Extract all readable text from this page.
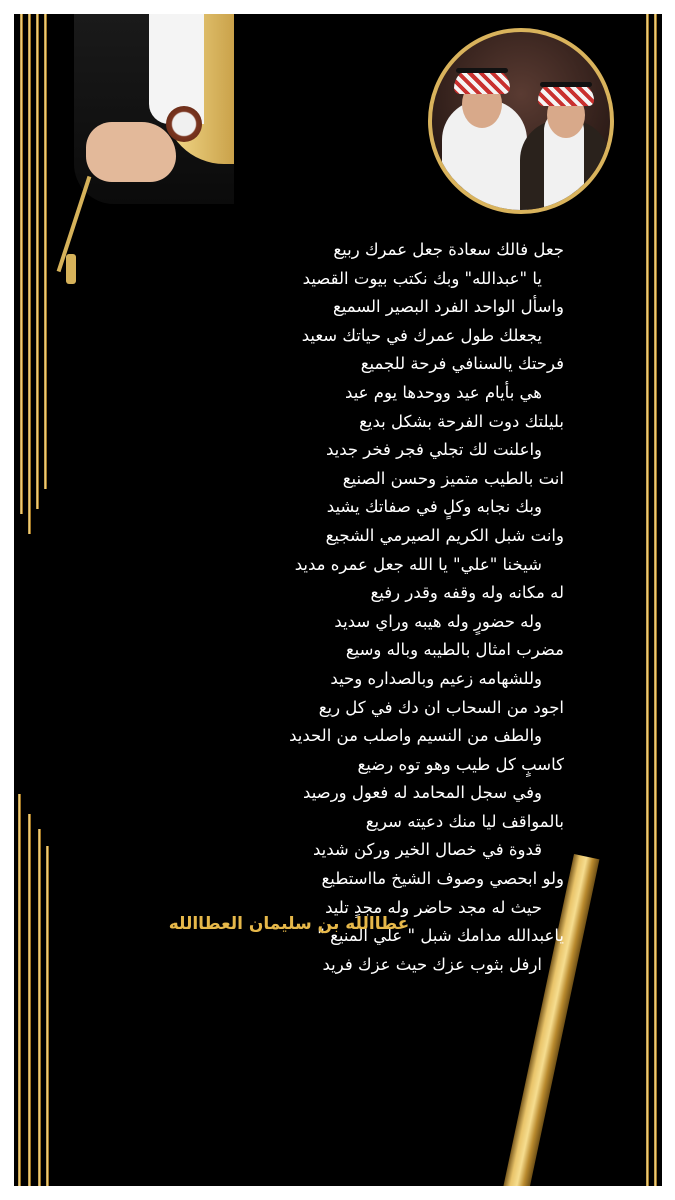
جعل فالك سعادة جعل عمرك ربيع
يا "عبدالله" وبك نكتب بيوت القصيد
واسأل الواحد الفرد البصير السميع
يجعلك طول عمرك في حياتك سعيد
فرحتك يالسنافي فرحة للجميع
هي بأيام عيد ووحدها يوم عيد
بليلتك دوت الفرحة بشكل بديع
واعلنت لك تجلي فجر فخر جديد
انت بالطيب متميز وحسن الصنيع
وبك نجابه وكلٍ في صفاتك يشيد
وانت شبل الكريم الصيرمي الشجيع
شيخنا "علي" يا الله جعل عمره مديد
له مكانه وله وقفه وقدر رفيع
وله حضورٍ وله هيبه وراي سديد
مضرب امثال بالطيبه وباله وسيع
وللشهامه زعيم وبالصداره وحيد
اجود من السحاب ان دك في كل ريع
والطف من النسيم واصلب من الحديد
كاسبٍ كل طيب وهو توه رضيع
وفي سجل المحامد له فعول ورصيد
بالمواقف ليا منك دعيته سريع
قدوة في خصال الخير وركن شديد
ولو ابحصي وصوف الشيخ مااستطيع
حيث له مجد حاضر وله مجدٍ تليد
ياعبدالله مدامك شبل " علي المنيع "
ارفل بثوب عزك حيث عزك فريد
عطاالله بن سليمان العطاالله
